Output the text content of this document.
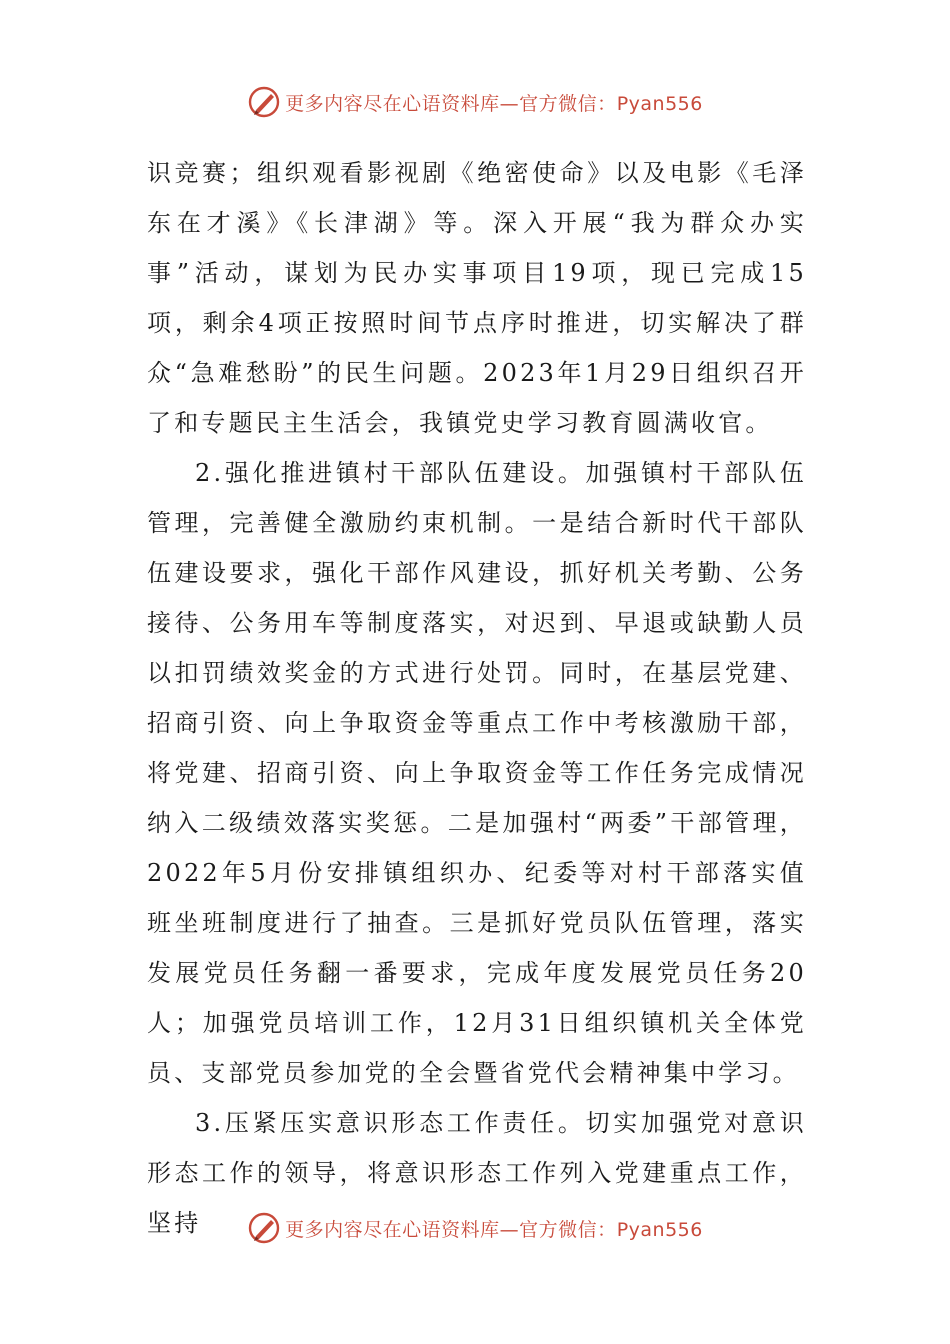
更多内容尽在心语资料库—官方微信：Pyan556

识竞赛；组织观看影视剧《绝密使命》以及电影《毛泽东在才溪》《长津湖》等。深入开展“我为群众办实事”活动，谋划为民办实事项目19项，现已完成15项，剩余4项正按照时间节点序时推进，切实解决了群众“急难愁盼”的民生问题。2023年1月29日组织召开了和专题民主生活会，我镇党史学习教育圆满收官。

2.强化推进镇村干部队伍建设。加强镇村干部队伍管理，完善健全激励约束机制。一是结合新时代干部队伍建设要求，强化干部作风建设，抓好机关考勤、公务接待、公务用车等制度落实，对迟到、早退或缺勤人员以扣罚绩效奖金的方式进行处罚。同时，在基层党建、招商引资、向上争取资金等重点工作中考核激励干部，将党建、招商引资、向上争取资金等工作任务完成情况纳入二级绩效落实奖惩。二是加强村“两委”干部管理，2022年5月份安排镇组织办、纪委等对村干部落实值班坐班制度进行了抽查。三是抓好党员队伍管理，落实发展党员任务翻一番要求，完成年度发展党员任务20人；加强党员培训工作，12月31日组织镇机关全体党员、支部党员参加党的全会暨省党代会精神集中学习。

3.压紧压实意识形态工作责任。切实加强党对意识形态工作的领导，将意识形态工作列入党建重点工作，坚持	更多内容尽在心语资料库—官方微信：Pyan556
